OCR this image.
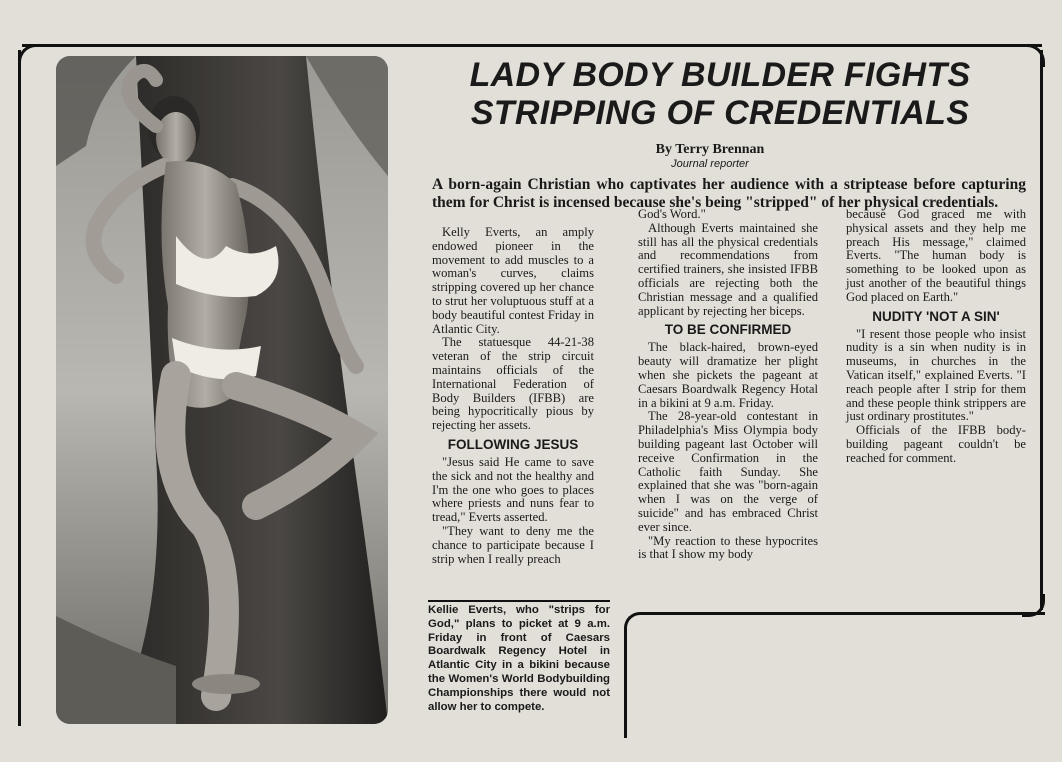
LADY BODY BUILDER FIGHTS
STRIPPING OF CREDENTIALS
By Terry Brennan
Journal reporter
A born-again Christian who captivates her audience with a striptease before capturing them for Christ is incensed because she's being "stripped" of her physical credentials.

Kelly Everts, an amply endowed pioneer in the movement to add muscles to a woman's curves, claims stripping covered up her chance to strut her voluptuous stuff at a body beautiful contest Friday in Atlantic City.

The statuesque 44-21-38 veteran of the strip circuit maintains officials of the International Federation of Body Builders (IFBB) are being hypocritically pious by rejecting her assets.

FOLLOWING JESUS

"Jesus said He came to save the sick and not the healthy and I'm the one who goes to places where priests and nuns fear to tread," Everts asserted.

"They want to deny me the chance to participate because I strip when I really preach

God's Word."

Although Everts maintained she still has all the physical credentials and recommendations from certified trainers, she insisted IFBB officials are rejecting both the Christian message and a qualified applicant by rejecting her biceps.

TO BE CONFIRMED

The black-haired, brown-eyed beauty will dramatize her plight when she pickets the pageant at Caesars Boardwalk Regency Hotal in a bikini at 9 a.m. Friday.

The 28-year-old contestant in Philadelphia's Miss Olympia body building pageant last October will receive Confirmation in the Catholic faith Sunday. She explained that she was "born-again when I was on the verge of suicide" and has embraced Christ ever since.

"My reaction to these hypocrites is that I show my body

because God graced me with physical assets and they help me preach His message," claimed Everts. "The human body is something to be looked upon as just another of the beautiful things God placed on Earth."

NUDITY 'NOT A SIN'

"I resent those people who insist nudity is a sin when nudity is in museums, in churches in the Vatican itself," explained Everts. "I reach people after I strip for them and these people think strippers are just ordinary prostitutes."

Officials of the IFBB body-building pageant couldn't be reached for comment.

Kellie Everts, who "strips for God," plans to picket at 9 a.m. Friday in front of Caesars Boardwalk Regency Hotel in Atlantic City in a bikini because the Women's World Bodybuilding Championships there would not allow her to compete.
